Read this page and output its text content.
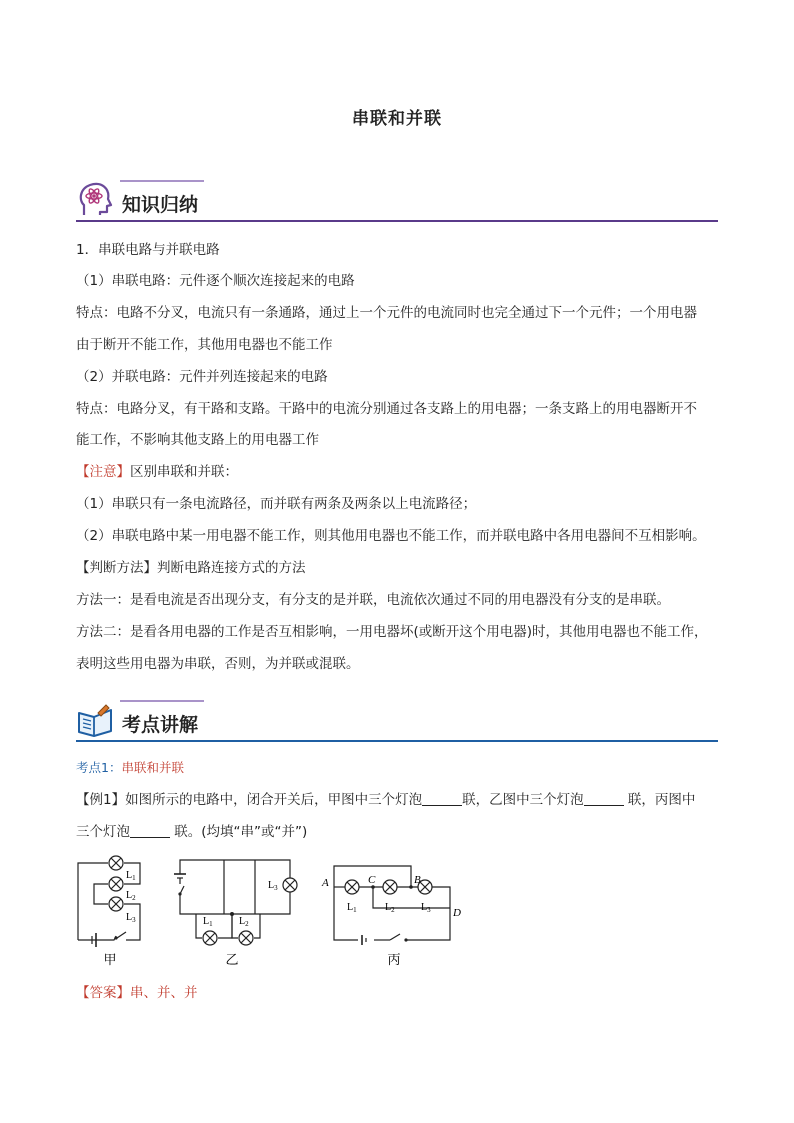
串联和并联
知识归纳
1．串联电路与并联电路
（1）串联电路：元件逐个顺次连接起来的电路
特点：电路不分叉，电流只有一条通路，通过上一个元件的电流同时也完全通过下一个元件；一个用电器
由于断开不能工作，其他用电器也不能工作
（2）并联电路：元件并列连接起来的电路
特点：电路分叉，有干路和支路。干路中的电流分别通过各支路上的用电器；一条支路上的用电器断开不
能工作，不影响其他支路上的用电器工作
【注意】区别串联和并联：
（1）串联只有一条电流路径，而并联有两条及两条以上电流路径；
（2）串联电路中某一用电器不能工作，则其他用电器也不能工作，而并联电路中各用电器间不互相影响。
【判断方法】判断电路连接方式的方法
方法一：是看电流是否出现分支，有分支的是并联，电流依次通过不同的用电器没有分支的是串联。
方法二：是看各用电器的工作是否互相影响，一用电器坏(或断开这个用电器)时，其他用电器也不能工作，
表明这些用电器为串联，否则，为并联或混联。
考点讲解
考点1：串联和并联
【例1】如图所示的电路中，闭合开关后，甲图中三个灯泡	联，乙图中三个灯泡	联，丙图中
三个灯泡	联。(均填“串”或“并”)
$L_1$
$L_2$
$L_3$
甲
$L_1$	$L_2$
$L_3$
乙
A	C	B
D
$L_1$	$L_2$	$L_3$
丙
【答案】串、并、并
